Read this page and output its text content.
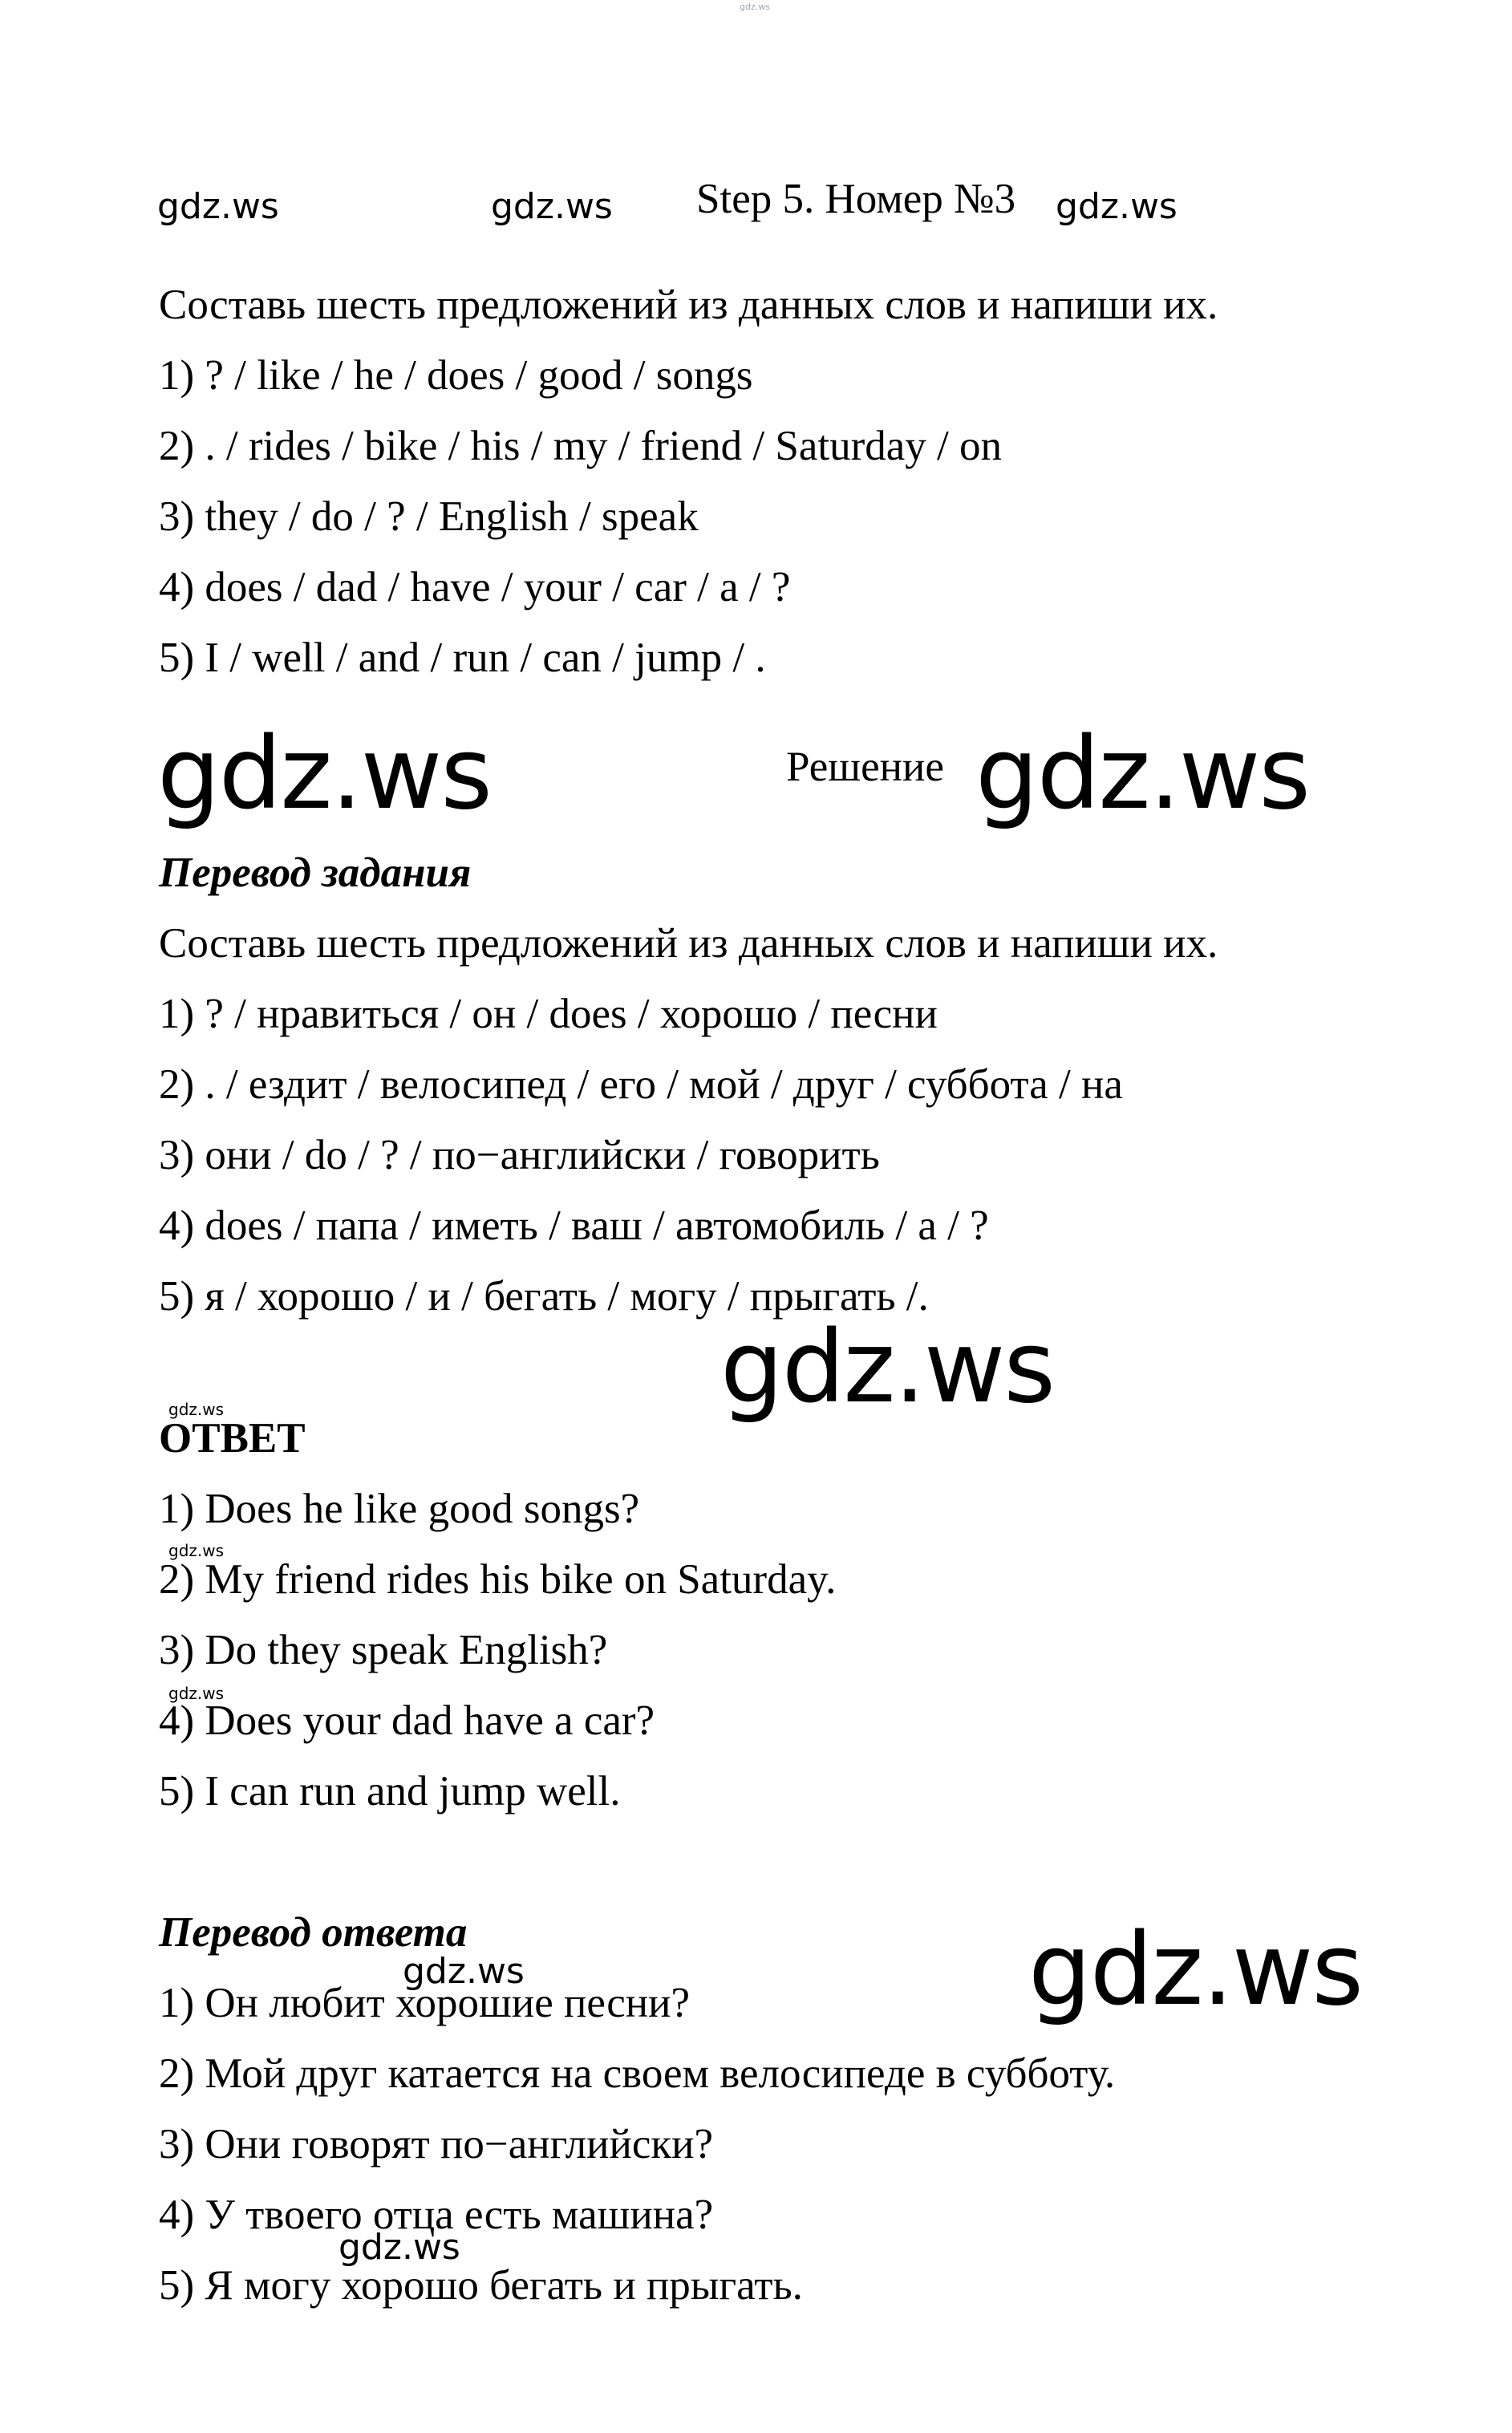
gdz.ws
gdz.ws	gdz.ws Step 5. Номер №3 gdz.ws
Составь шесть предложений из данных слов и напиши их.
1) ? / like / he / does / good / songs
2) . / rides / bike / his / my / friend / Saturday / on
3) they / do / ? / English / speak
4) does / dad / have / your / car / a / ?
5) I / well / and / run / can / jump / .
gdz.ws	Решение gdz.ws
Перевод задания
Составь шесть предложений из данных слов и напиши их.
1) ? / нравиться / он / does / хорошо / песни
2) . / ездит / велосипед / его / мой / друг / суббота / на
3) они / do / ? / по−английски / говорить
4) does / папа / иметь / ваш / автомобиль / а / ?
5) я / хорошо / и / бегать / могу / прыгать /.
gdz.ws
gdz.ws
ОТВЕТ
1) Does he like good songs?
gdz.ws
2) My friend rides his bike on Saturday.
3) Do they speak English?
gdz.ws
4) Does your dad have a car?
5) I can run and jump well.
Перевод ответа
gdz.ws	gdz.ws
1) Он любит хорошие песни?
2) Мой друг катается на своем велосипеде в субботу.
3) Они говорят по−английски?
4) У твоего отца есть машина?
gdz.ws
5) Я могу хорошо бегать и прыгать.
